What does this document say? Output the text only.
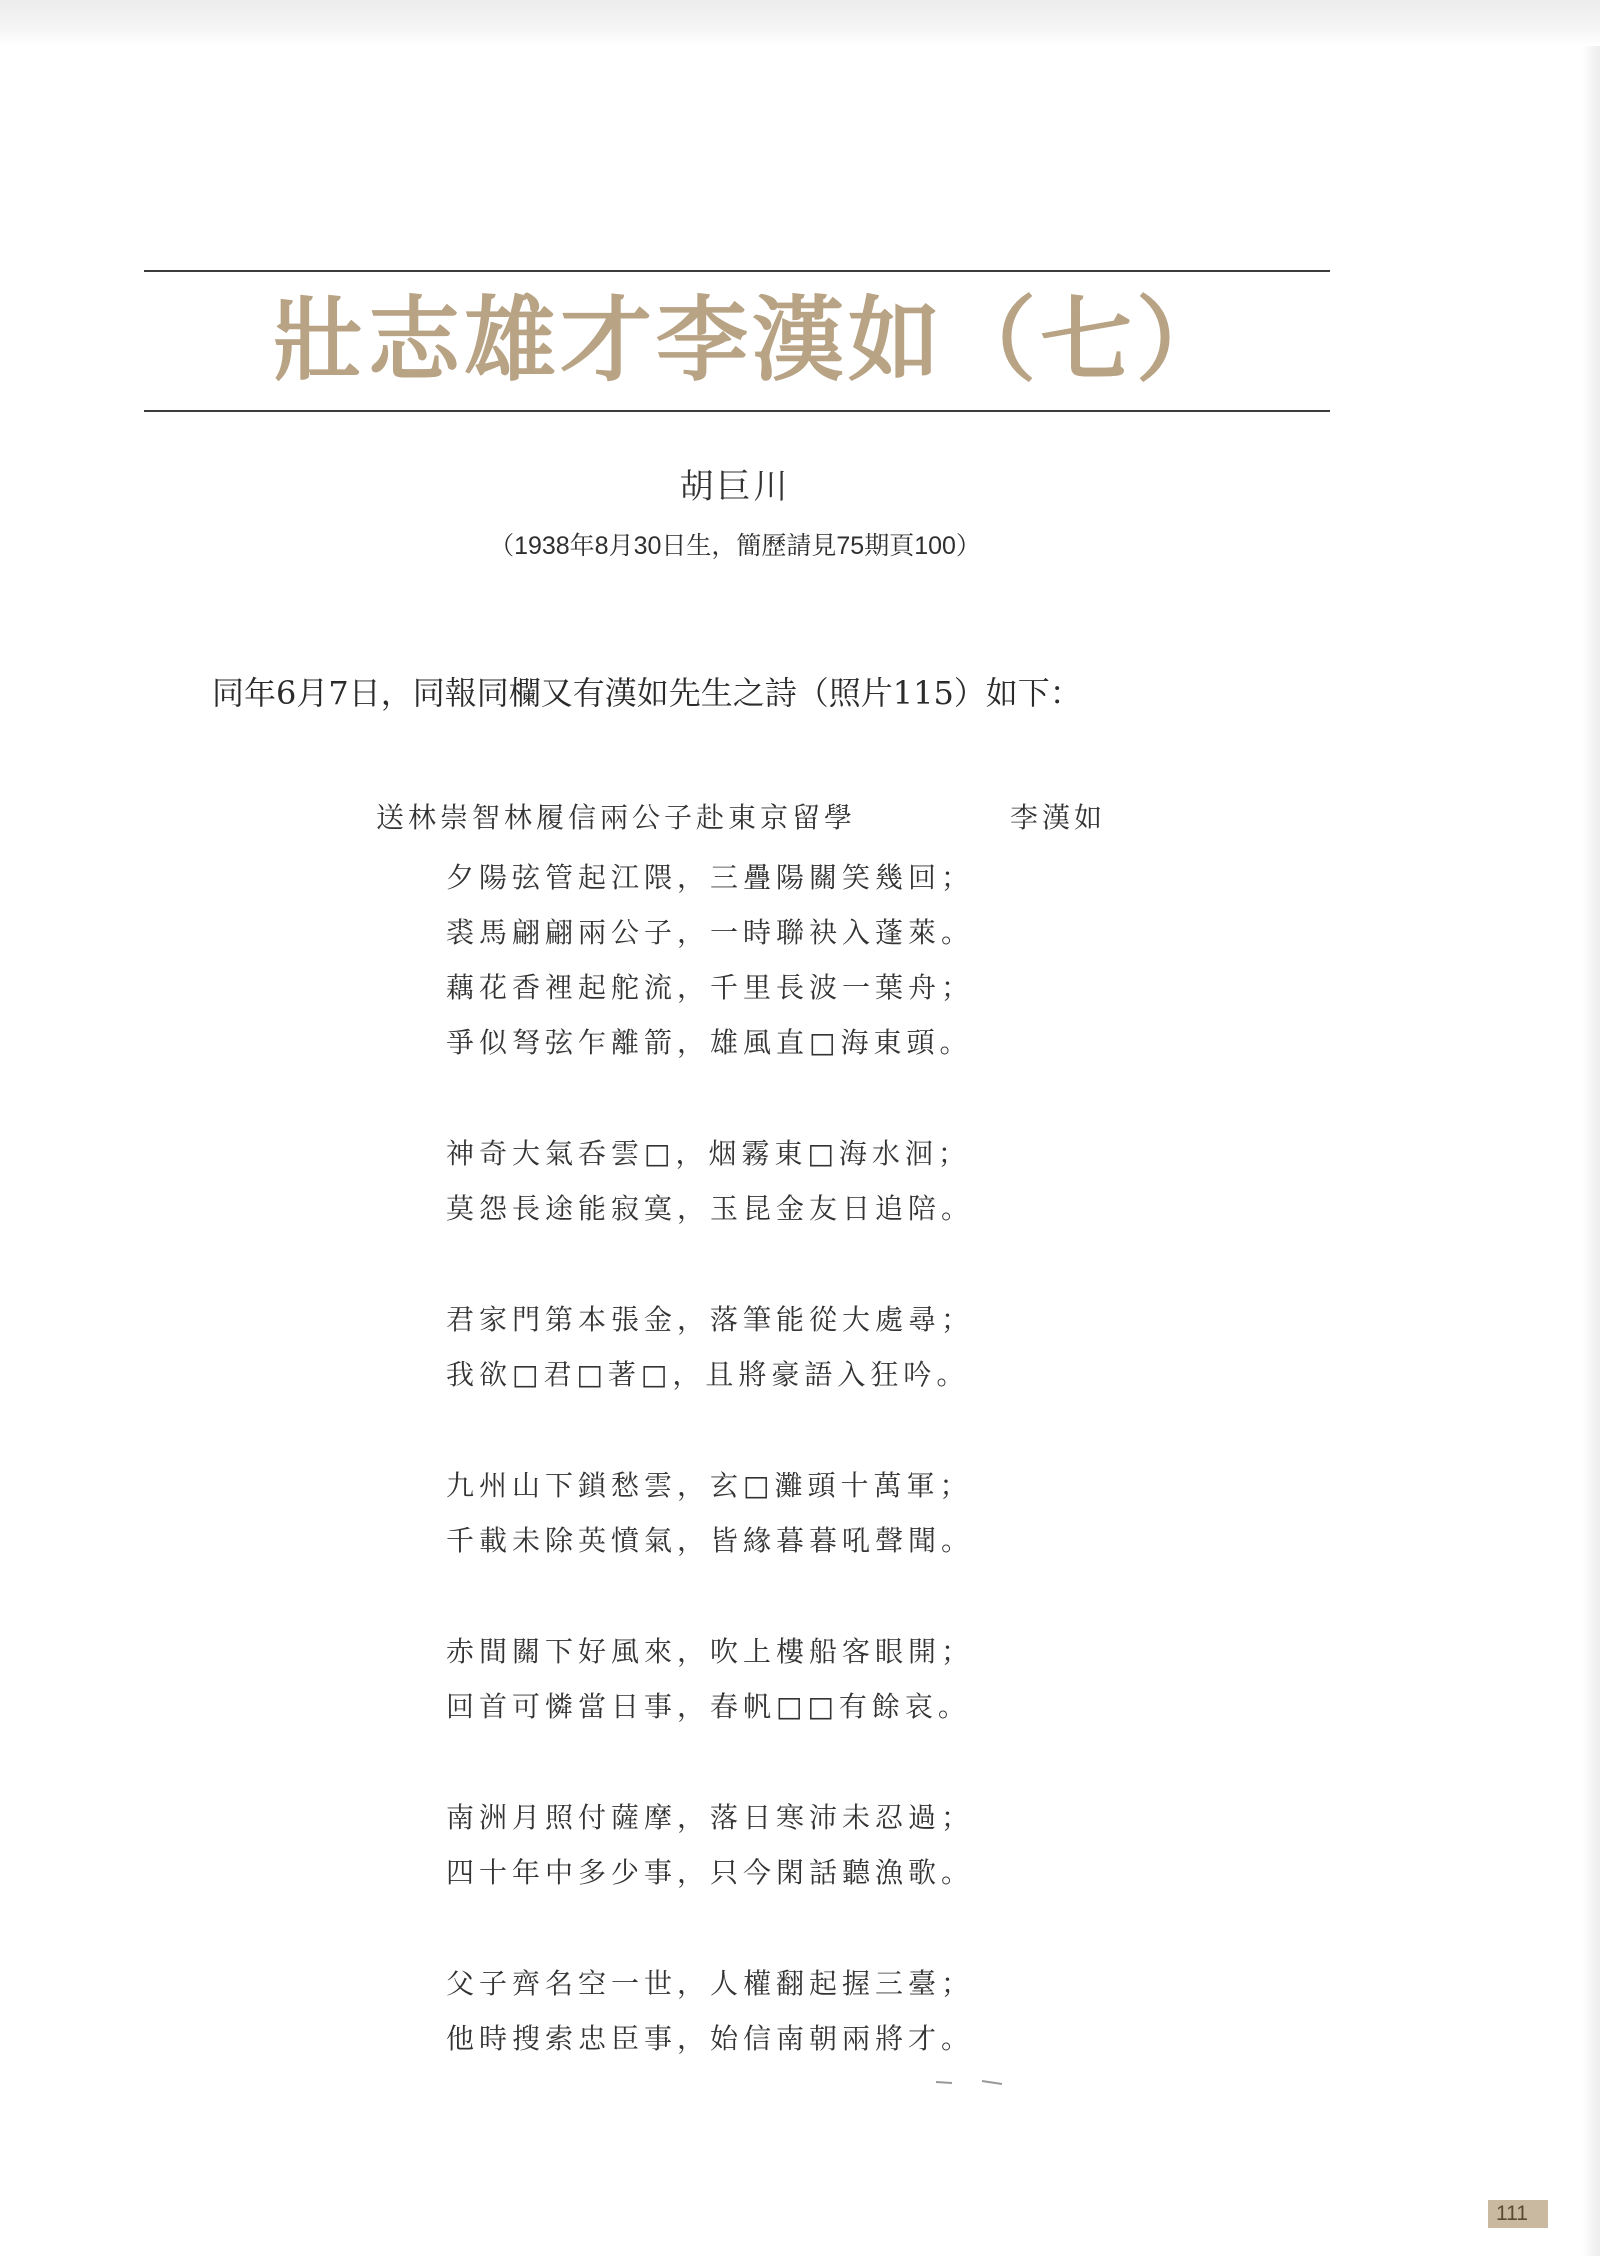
壯志雄才李漢如（七）
胡巨川
（1938年8月30日生，簡歷請見75期頁100）
同年6月7日，同報同欄又有漢如先生之詩（照片115）如下：
送林崇智林履信兩公子赴東京留學	李漢如
夕陽弦管起江隈，三疊陽關笑幾回；
裘馬翩翩兩公子，一時聯袂入蓬萊。
藕花香裡起舵流，千里長波一葉舟；
爭似弩弦乍離箭，雄風直□海東頭。
神奇大氣呑雲□，烟霧東□海水洄；
莫怨長途能寂寞，玉昆金友日追陪。
君家門第本張金，落筆能從大處尋；
我欲□君□著□，且將豪語入狂吟。
九州山下鎖愁雲，玄□灘頭十萬軍；
千載未除英憤氣，皆緣暮暮吼聲聞。
赤間關下好風來，吹上樓船客眼開；
回首可憐當日事，春帆□□有餘哀。
南洲月照付薩摩，落日寒沛未忍過；
四十年中多少事，只今閑話聽漁歌。
父子齊名空一世，人權翻起握三臺；
他時搜索忠臣事，始信南朝兩將才。
111
